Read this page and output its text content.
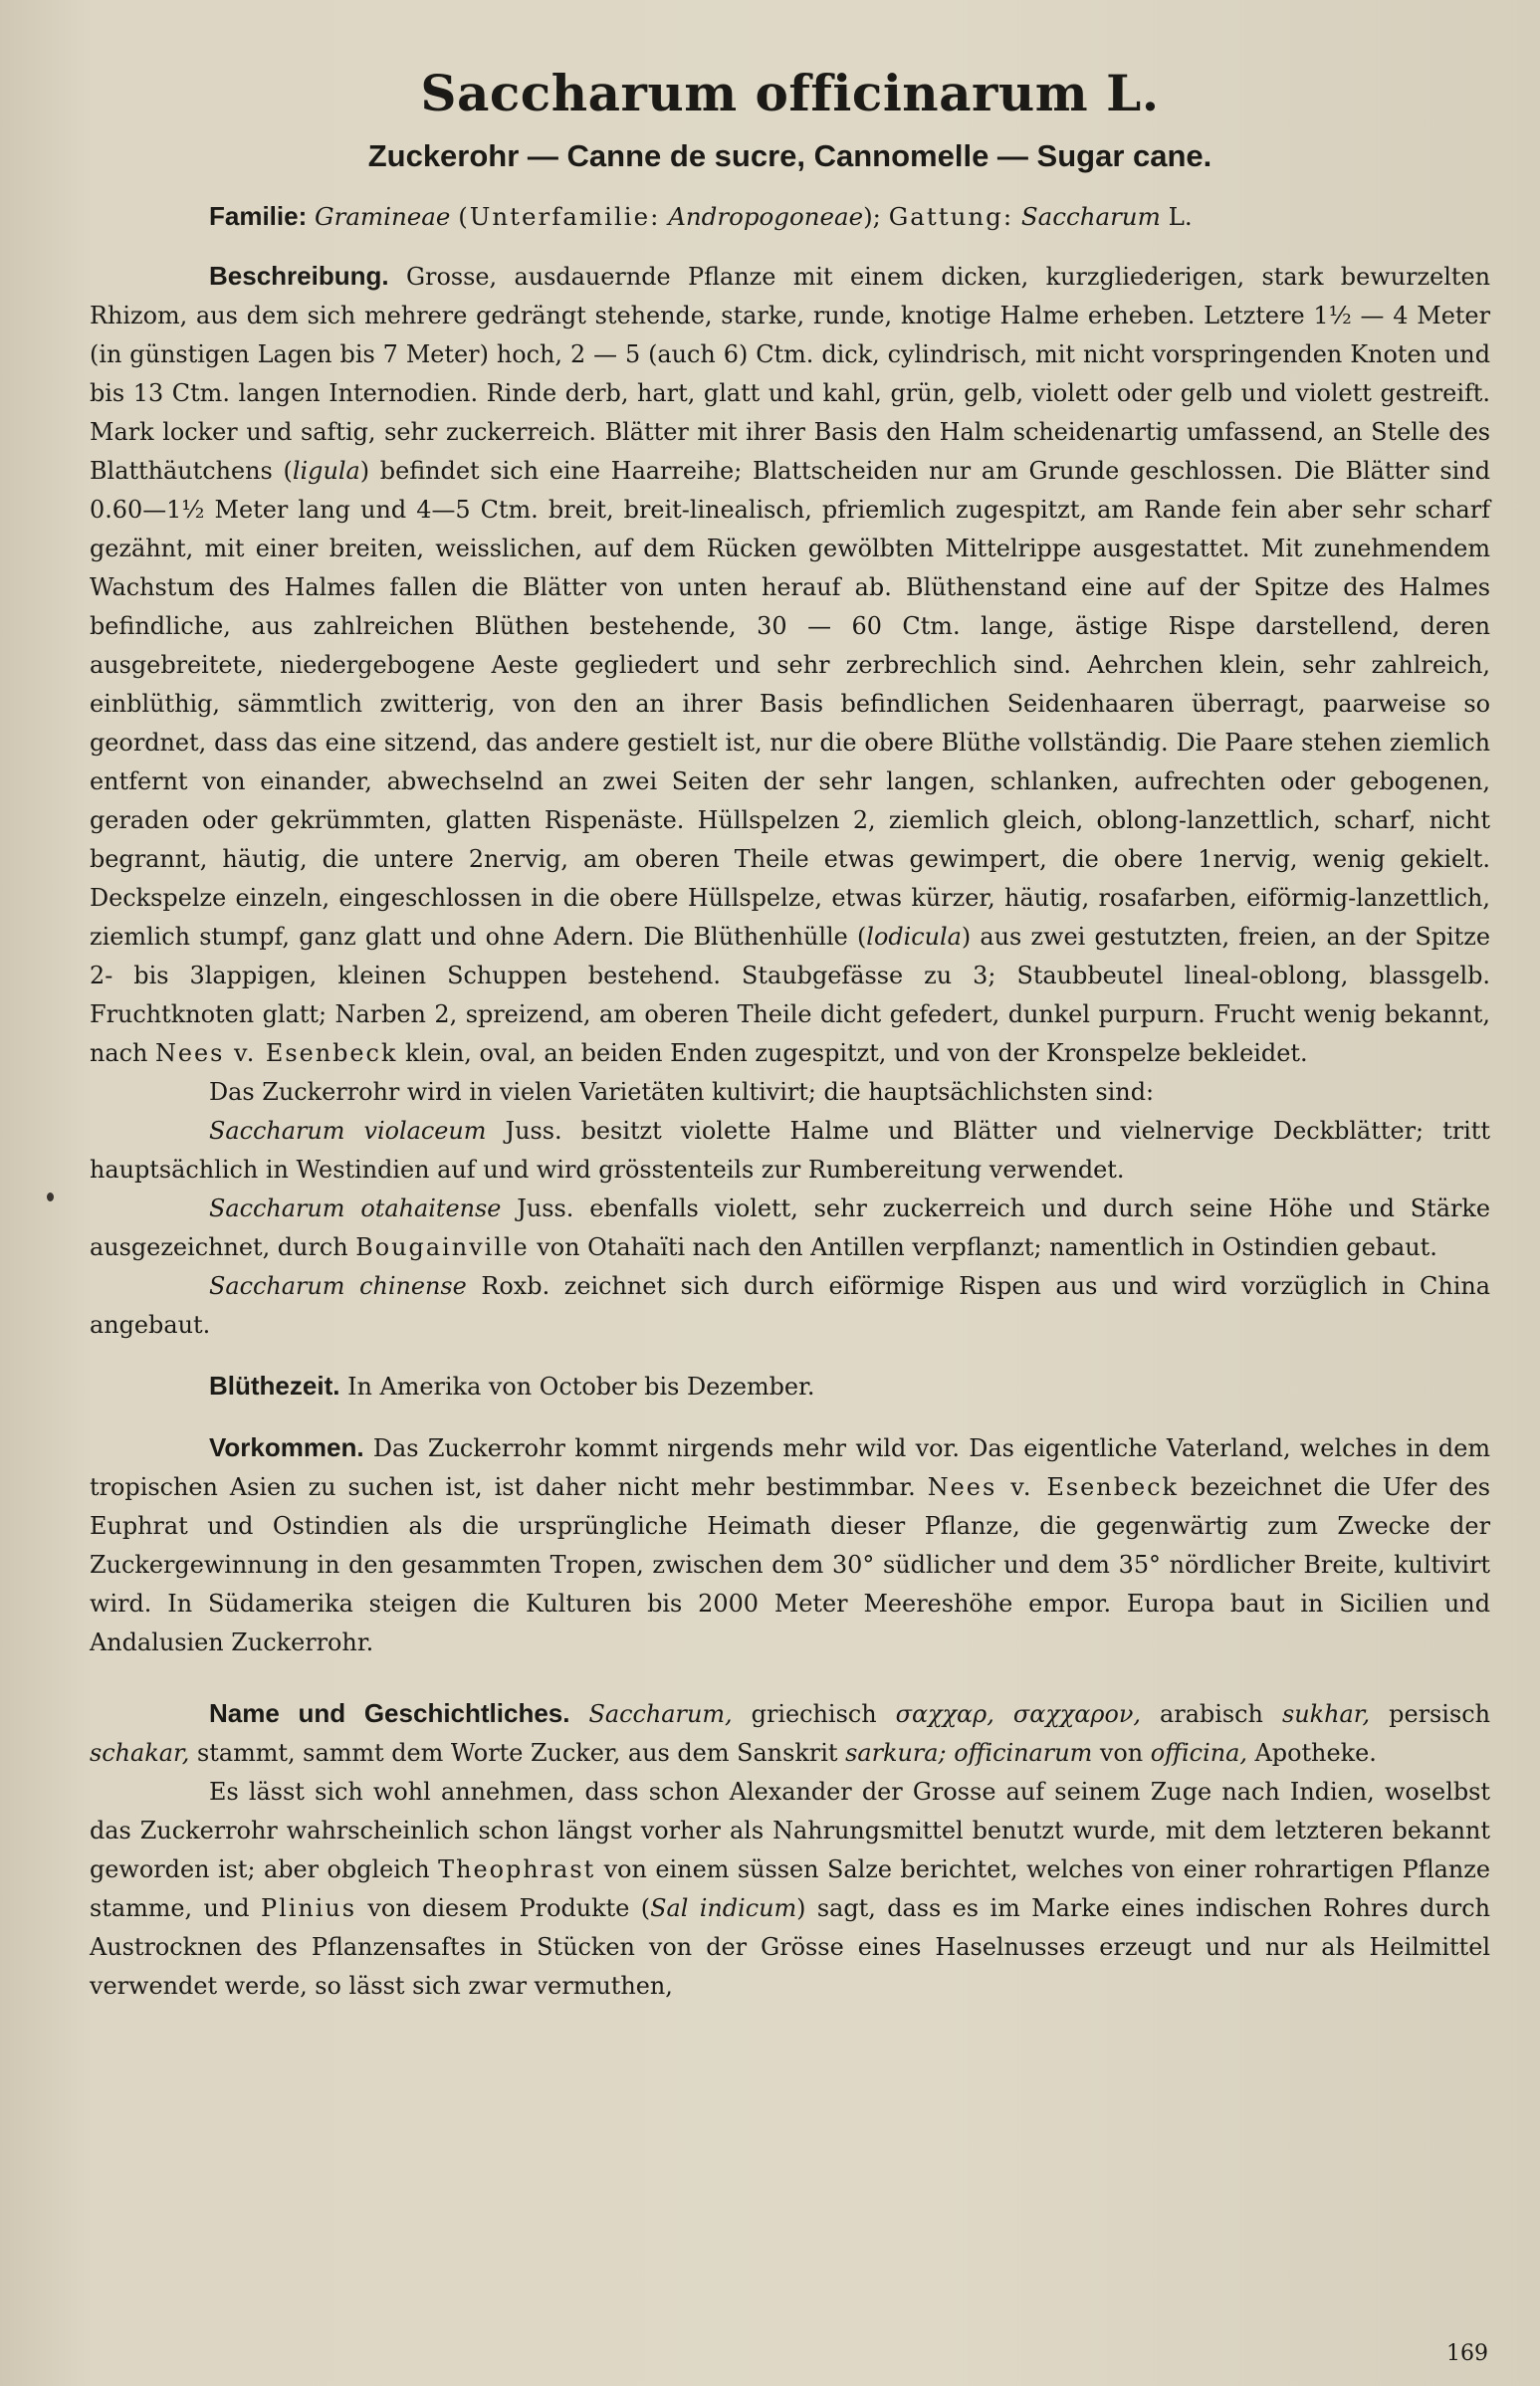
Saccharum officinarum L.
Zuckerohr — Canne de sucre, Cannomelle — Sugar cane.
Familie: Gramineae (Unterfamilie: Andropogoneae); Gattung: Saccharum L.

Beschreibung. Grosse, ausdauernde Pflanze mit einem dicken, kurzgliederigen, stark bewurzelten Rhizom, aus dem sich mehrere gedrängt stehende, starke, runde, knotige Halme erheben. Letztere 1½ — 4 Meter (in günstigen Lagen bis 7 Meter) hoch, 2 — 5 (auch 6) Ctm. dick, cylindrisch, mit nicht vorspringenden Knoten und bis 13 Ctm. langen Internodien. Rinde derb, hart, glatt und kahl, grün, gelb, violett oder gelb und violett gestreift. Mark locker und saftig, sehr zuckerreich. Blätter mit ihrer Basis den Halm scheidenartig umfassend, an Stelle des Blatthäutchens (ligula) befindet sich eine Haarreihe; Blattscheiden nur am Grunde geschlossen. Die Blätter sind 0.60—1½ Meter lang und 4—5 Ctm. breit, breit-linealisch, pfriemlich zugespitzt, am Rande fein aber sehr scharf gezähnt, mit einer breiten, weisslichen, auf dem Rücken gewölbten Mittelrippe ausgestattet. Mit zunehmendem Wachstum des Halmes fallen die Blätter von unten herauf ab. Blüthenstand eine auf der Spitze des Halmes befindliche, aus zahlreichen Blüthen bestehende, 30 — 60 Ctm. lange, ästige Rispe darstellend, deren ausgebreitete, niedergebogene Aeste gegliedert und sehr zerbrechlich sind. Aehrchen klein, sehr zahlreich, einblüthig, sämmtlich zwitterig, von den an ihrer Basis befindlichen Seidenhaaren überragt, paarweise so geordnet, dass das eine sitzend, das andere gestielt ist, nur die obere Blüthe vollständig. Die Paare stehen ziemlich entfernt von einander, abwechselnd an zwei Seiten der sehr langen, schlanken, aufrechten oder gebogenen, geraden oder gekrümmten, glatten Rispenäste. Hüllspelzen 2, ziemlich gleich, oblong-lanzettlich, scharf, nicht begrannt, häutig, die untere 2nervig, am oberen Theile etwas gewimpert, die obere 1nervig, wenig gekielt. Deckspelze einzeln, eingeschlossen in die obere Hüllspelze, etwas kürzer, häutig, rosafarben, eiförmig-lanzettlich, ziemlich stumpf, ganz glatt und ohne Adern. Die Blüthenhülle (lodicula) aus zwei gestutzten, freien, an der Spitze 2- bis 3lappigen, kleinen Schuppen bestehend. Staubgefässe zu 3; Staubbeutel lineal-oblong, blassgelb. Fruchtknoten glatt; Narben 2, spreizend, am oberen Theile dicht gefedert, dunkel purpurn. Frucht wenig bekannt, nach Nees v. Esenbeck klein, oval, an beiden Enden zugespitzt, und von der Kronspelze bekleidet.

Das Zuckerrohr wird in vielen Varietäten kultivirt; die hauptsächlichsten sind:

Saccharum violaceum Juss. besitzt violette Halme und Blätter und vielnervige Deckblätter; tritt hauptsächlich in Westindien auf und wird grösstenteils zur Rumbereitung verwendet.

Saccharum otahaitense Juss. ebenfalls violett, sehr zuckerreich und durch seine Höhe und Stärke ausgezeichnet, durch Bougainville von Otahaïti nach den Antillen verpflanzt; namentlich in Ostindien gebaut.

Saccharum chinense Roxb. zeichnet sich durch eiförmige Rispen aus und wird vorzüglich in China angebaut.

Blüthezeit. In Amerika von October bis Dezember.

Vorkommen. Das Zuckerrohr kommt nirgends mehr wild vor. Das eigentliche Vaterland, welches in dem tropischen Asien zu suchen ist, ist daher nicht mehr bestimmbar. Nees v. Esenbeck bezeichnet die Ufer des Euphrat und Ostindien als die ursprüngliche Heimath dieser Pflanze, die gegenwärtig zum Zwecke der Zuckergewinnung in den gesammten Tropen, zwischen dem 30° südlicher und dem 35° nördlicher Breite, kultivirt wird. In Südamerika steigen die Kulturen bis 2000 Meter Meereshöhe empor. Europa baut in Sicilien und Andalusien Zuckerrohr.

Name und Geschichtliches. Saccharum, griechisch σαχχαρ, σαχχαρον, arabisch sukhar, persisch schakar, stammt, sammt dem Worte Zucker, aus dem Sanskrit sarkura; officinarum von officina, Apotheke.

Es lässt sich wohl annehmen, dass schon Alexander der Grosse auf seinem Zuge nach Indien, woselbst das Zuckerrohr wahrscheinlich schon längst vorher als Nahrungsmittel benutzt wurde, mit dem letzteren bekannt geworden ist; aber obgleich Theophrast von einem süssen Salze berichtet, welches von einer rohrartigen Pflanze stamme, und Plinius von diesem Produkte (Sal indicum) sagt, dass es im Marke eines indischen Rohres durch Austrocknen des Pflanzensaftes in Stücken von der Grösse eines Haselnusses erzeugt und nur als Heilmittel verwendet werde, so lässt sich zwar vermuthen,

169
